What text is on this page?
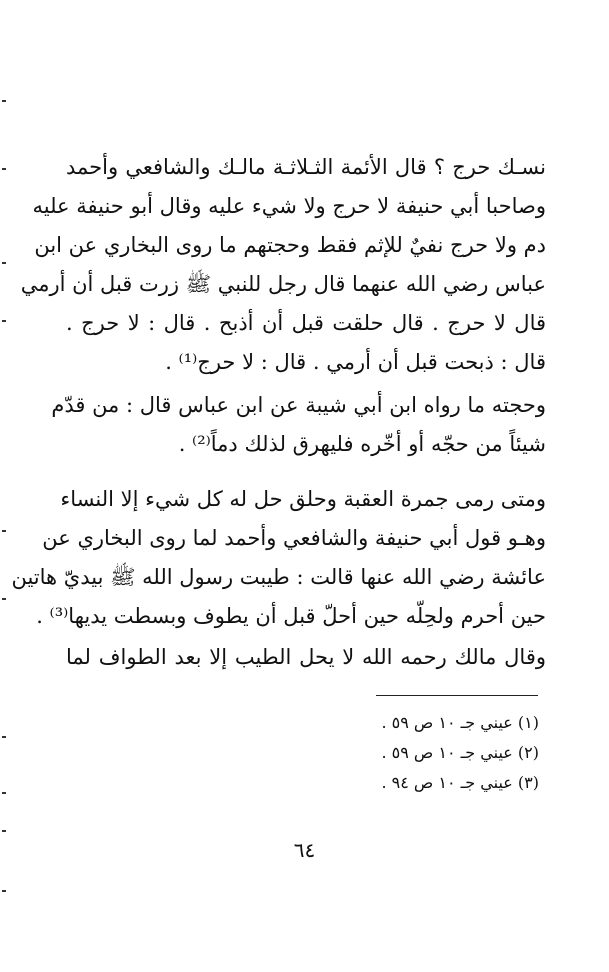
نسـك حرج ؟ قال الأئمة الثـلاثـة مالـك والشافعي وأحمد
وصاحبا أبي حنيفة لا حرج ولا شيء عليه وقال أبو حنيفة عليه
دم ولا حرج نفيٌ للإثم فقط وحجتهم ما روى البخاري عن ابن
عباس رضي الله عنهما قال رجل للنبي ﷺ زرت قبل أن أرمي
قال لا حرج . قال حلقت قبل أن أذبح . قال : لا حرج .
قال : ذبحت قبل أن أرمي . قال : لا حرج⁽¹⁾ .
وحجته ما رواه ابن أبي شيبة عن ابن عباس قال : من قدّم
شيئاً من حجّه أو أخّره فليهرق لذلك دماً⁽²⁾ .
ومتى رمى جمرة العقبة وحلق حل له كل شيء إلا النساء
وهـو قول أبي حنيفة والشافعي وأحمد لما روى البخاري عن
عائشة رضي الله عنها قالت : طيبت رسول الله ﷺ بيديّ هاتين
حين أحرم ولحِلّه حين أحلّ قبل أن يطوف وبسطت يديها⁽³⁾ .
وقال مالك رحمه الله لا يحل الطيب إلا بعد الطواف لما
(١) عيني جـ ١٠ ص ٥٩ .
(٢) عيني جـ ١٠ ص ٥٩ .
(٣) عيني جـ ١٠ ص ٩٤ .
٦٤
